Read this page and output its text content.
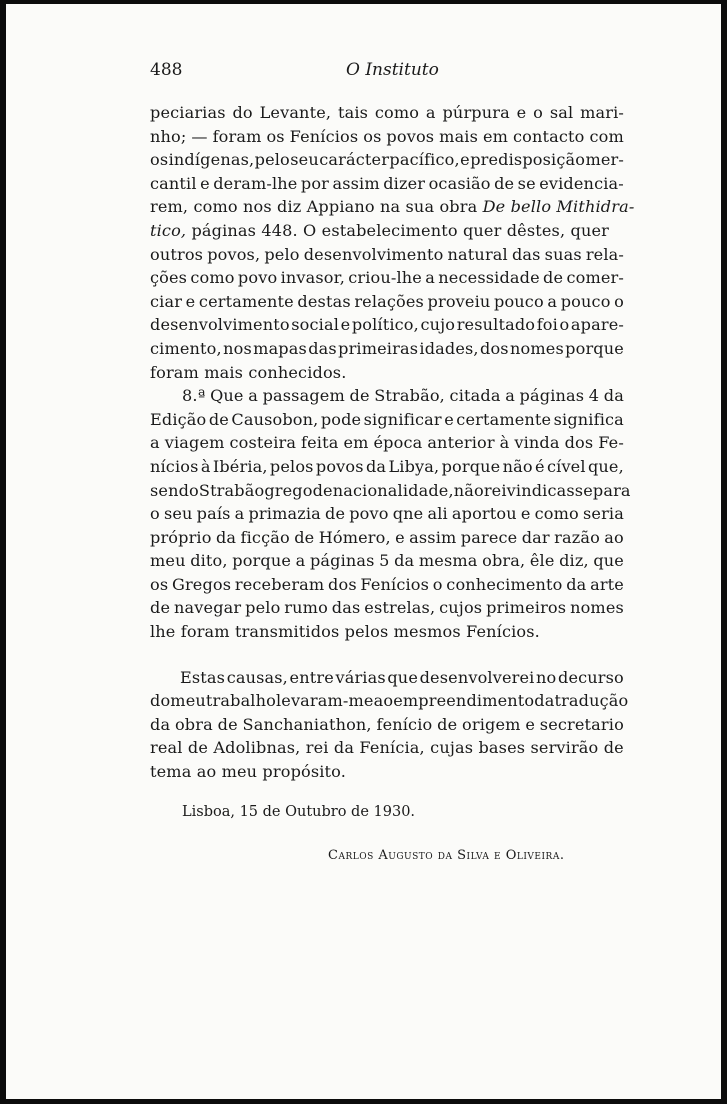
488	O Instituto
peciarias do Levante, tais como a púrpura e o sal mari-
nho; — foram os Fenícios os povos mais em contacto com
os indígenas, pelo seu carácter pacífico, e predisposição mer-
cantil e deram-lhe por assim dizer ocasião de se evidencia-
rem, como nos diz Appiano na sua obra De bello Mithidra-
tico, páginas 448. O estabelecimento quer dêstes, quer
outros povos, pelo desenvolvimento natural das suas rela-
ções como povo invasor, criou-lhe a necessidade de comer-
ciar e certamente destas relações proveiu pouco a pouco o
desenvolvimento social e político, cujo resultado foi o apare-
cimento, nos mapas das primeiras idades, dos nomes porque
foram mais conhecidos.
8.ª Que a passagem de Strabão, citada a páginas 4 da
Edição de Causobon, pode significar e certamente significa
a viagem costeira feita em época anterior à vinda dos Fe-
nícios à Ibéria, pelos povos da Libya, porque não é cível que,
sendo Strabão grego de nacionalidade, não reivindicasse para
o seu país a primazia de povo qne ali aportou e como seria
próprio da ficção de Hómero, e assim parece dar razão ao
meu dito, porque a páginas 5 da mesma obra, êle diz, que
os Gregos receberam dos Fenícios o conhecimento da arte
de navegar pelo rumo das estrelas, cujos primeiros nomes
lhe foram transmitidos pelos mesmos Fenícios.
Estas causas, entre várias que desenvolverei no decurso
do meu trabalho levaram-me ao empreendimento da tradução
da obra de Sanchaniathon, fenício de origem e secretario
real de Adolibnas, rei da Fenícia, cujas bases servirão de
tema ao meu propósito.
Lisboa, 15 de Outubro de 1930.
Carlos Augusto da Silva e Oliveira.
